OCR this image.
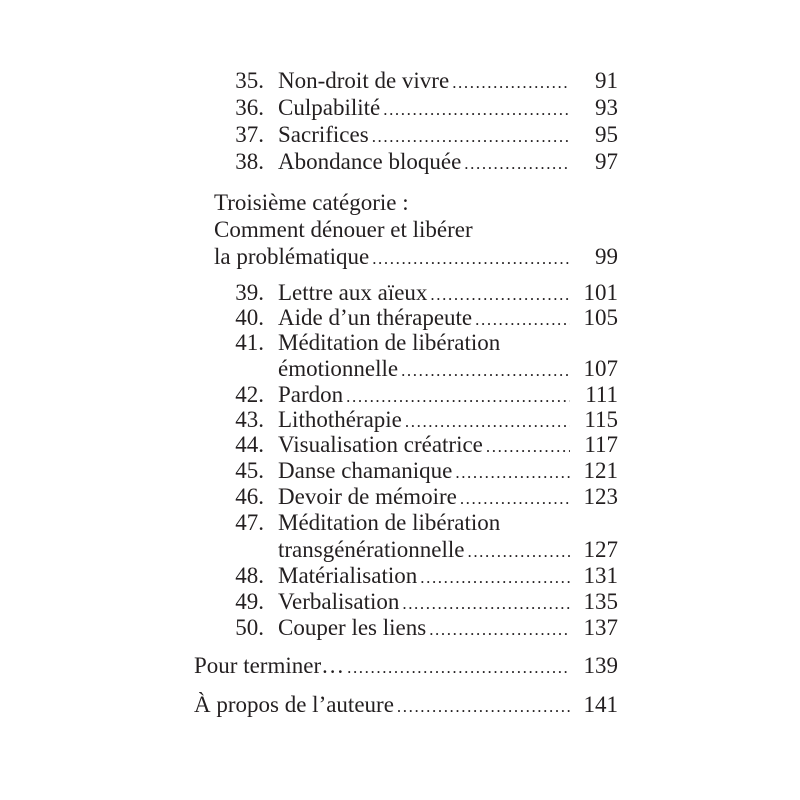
35. Non-droit de vivre .....	91
36. Culpabilité .....	93
37. Sacrifices .....	95
38. Abondance bloquée .....	97
Troisième catégorie :
Comment dénouer et libérer
la problématique .....	99
39. Lettre aux aïeux .....	101
40. Aide d’un thérapeute .....	105
41. Méditation de libération
émotionnelle .....	107
42. Pardon .....	111
43. Lithothérapie .....	115
44. Visualisation créatrice .....	117
45. Danse chamanique .....	121
46. Devoir de mémoire .....	123
47. Méditation de libération
transgénérationnelle .....	127
48. Matérialisation .....	131
49. Verbalisation .....	135
50. Couper les liens .....	137
Pour terminer… .....	139
À propos de l’auteure .....	141
